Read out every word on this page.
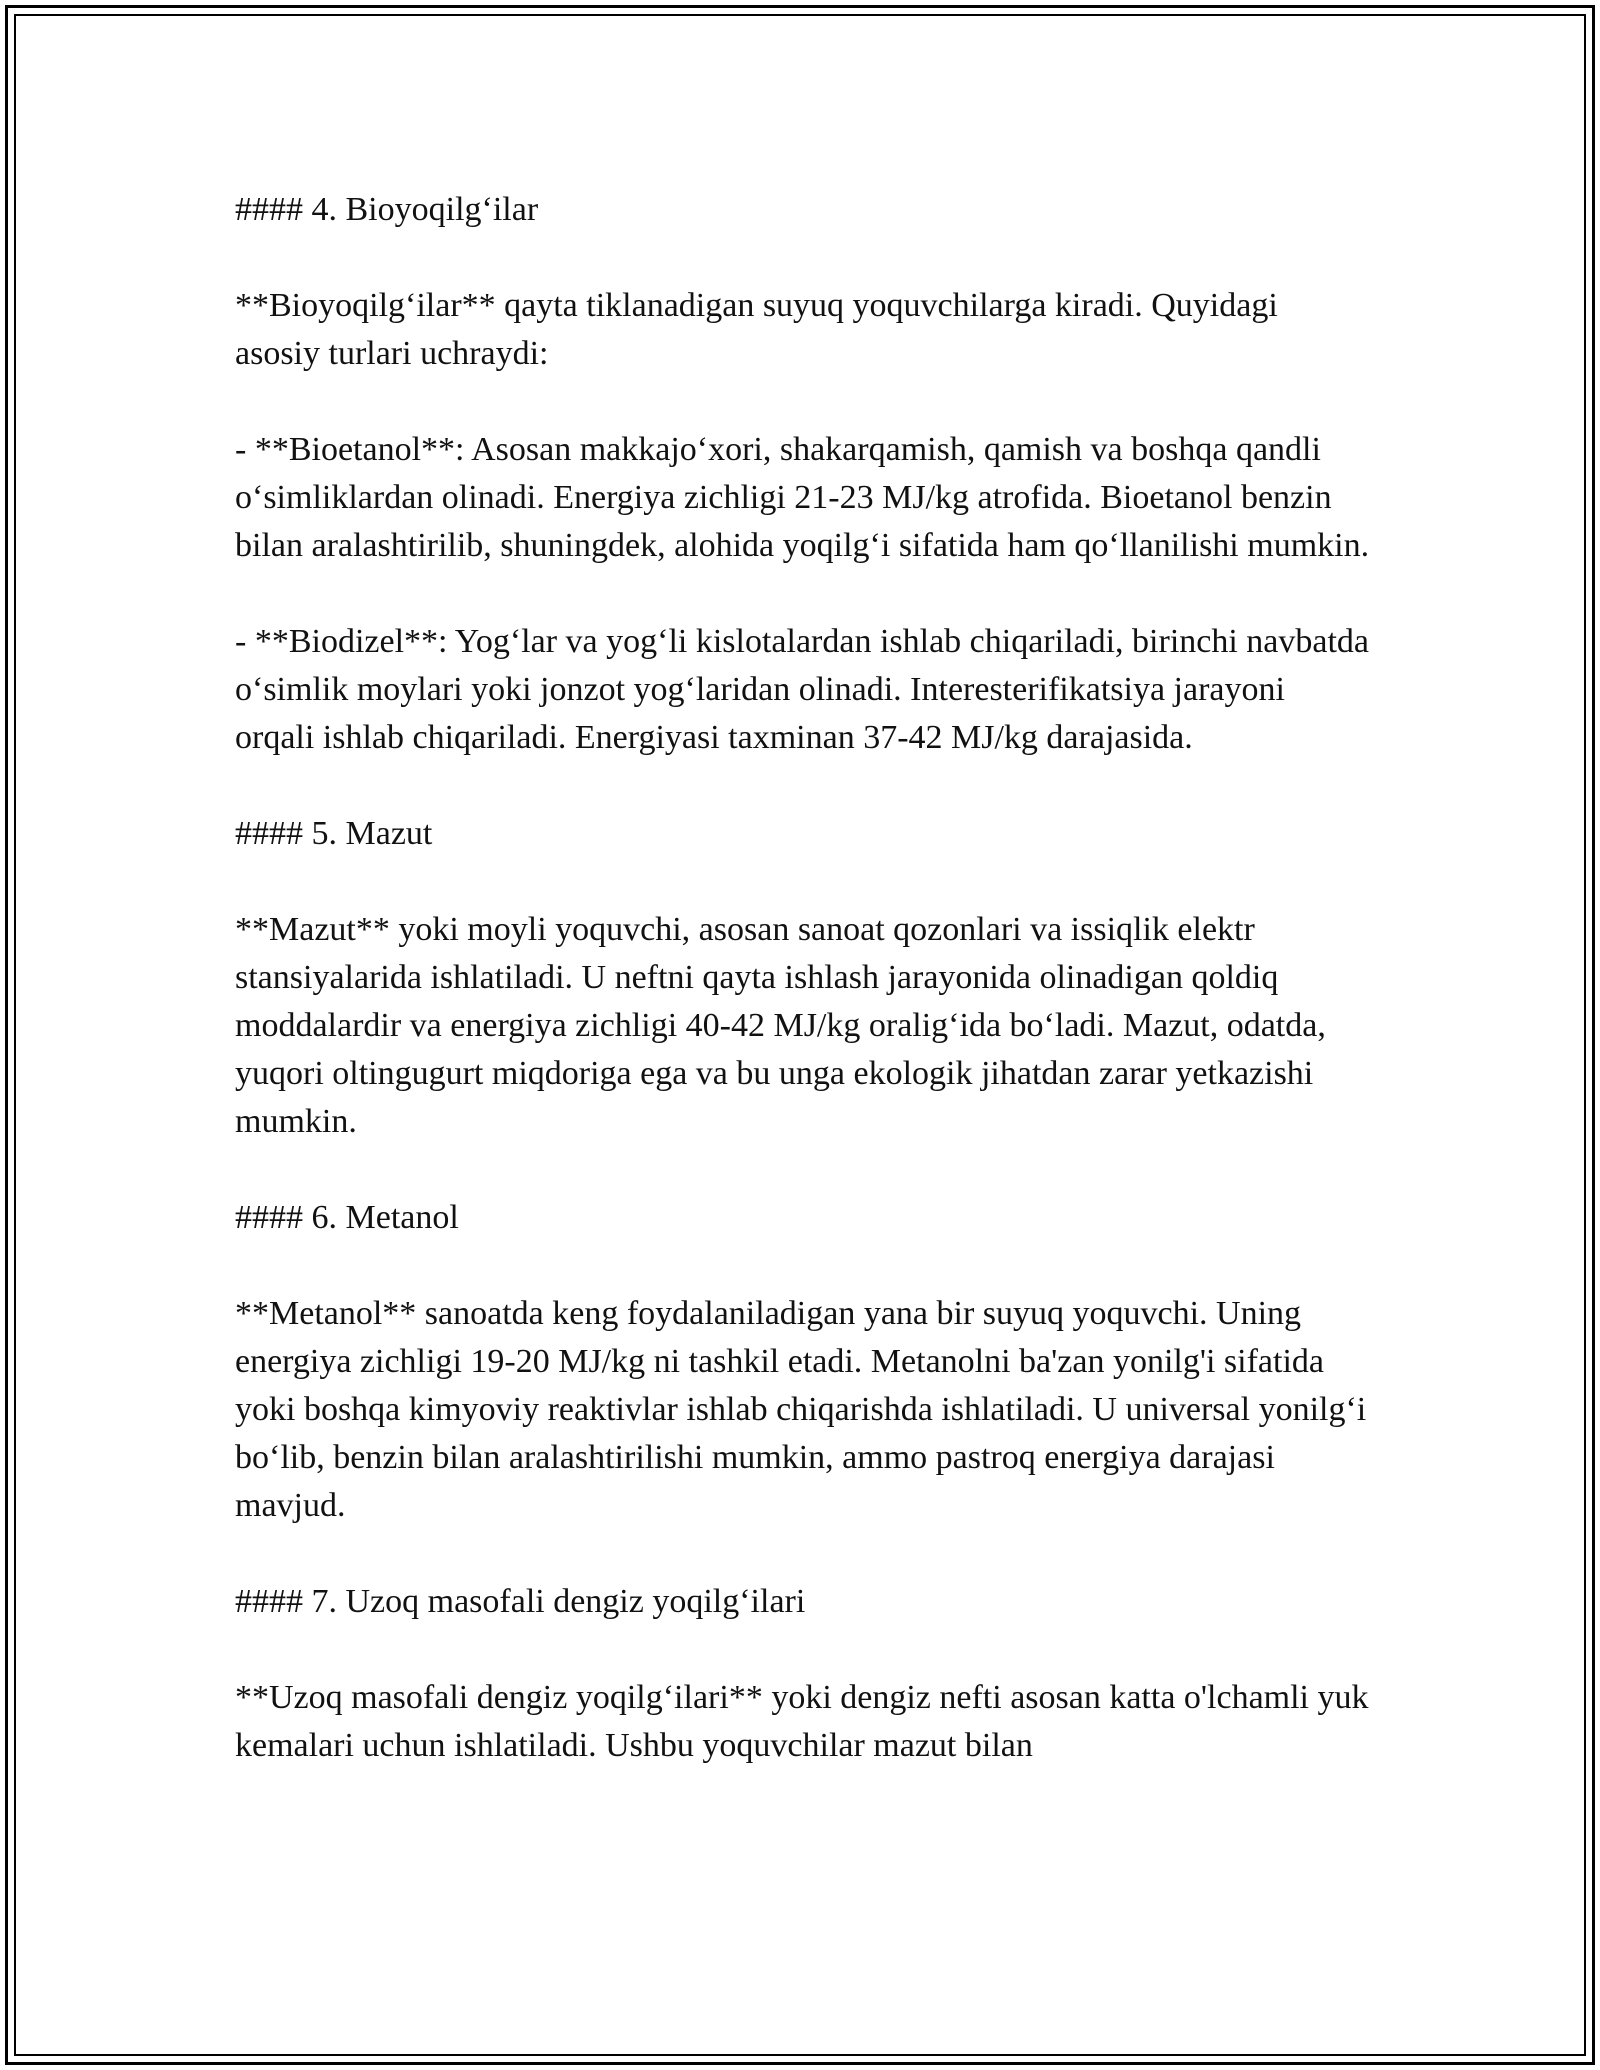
#### 4. Bioyoqilg‘ilar

**Bioyoqilg‘ilar** qayta tiklanadigan suyuq yoquvchilarga kiradi. Quyidagi asosiy turlari uchraydi:

- **Bioetanol**: Asosan makkajo‘xori, shakarqamish, qamish va boshqa qandli o‘simliklardan olinadi. Energiya zichligi 21-23 MJ/kg atrofida. Bioetanol benzin bilan aralashtirilib, shuningdek, alohida yoqilg‘i sifatida ham qo‘llanilishi mumkin.

- **Biodizel**: Yog‘lar va yog‘li kislotalardan ishlab chiqariladi, birinchi navbatda o‘simlik moylari yoki jonzot yog‘laridan olinadi. Interesterifikatsiya jarayoni orqali ishlab chiqariladi. Energiyasi taxminan 37-42 MJ/kg darajasida.

#### 5. Mazut

**Mazut** yoki moyli yoquvchi, asosan sanoat qozonlari va issiqlik elektr stansiyalarida ishlatiladi. U neftni qayta ishlash jarayonida olinadigan qoldiq moddalardir va energiya zichligi 40-42 MJ/kg oralig‘ida bo‘ladi. Mazut, odatda, yuqori oltingugurt miqdoriga ega va bu unga ekologik jihatdan zarar yetkazishi mumkin.

#### 6. Metanol

**Metanol** sanoatda keng foydalaniladigan yana bir suyuq yoquvchi. Uning energiya zichligi 19-20 MJ/kg ni tashkil etadi. Metanolni ba'zan yonilg'i sifatida yoki boshqa kimyoviy reaktivlar ishlab chiqarishda ishlatiladi. U universal yonilg‘i bo‘lib, benzin bilan aralashtirilishi mumkin, ammo pastroq energiya darajasi mavjud.

#### 7. Uzoq masofali dengiz yoqilg‘ilari

**Uzoq masofali dengiz yoqilg‘ilari** yoki dengiz nefti asosan katta o'lchamli yuk kemalari uchun ishlatiladi. Ushbu yoquvchilar mazut bilan
